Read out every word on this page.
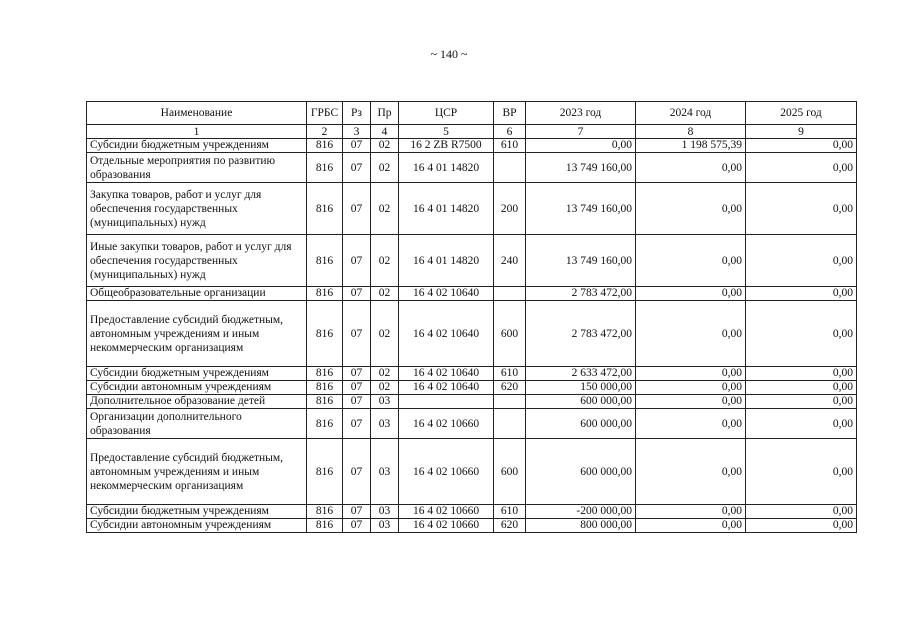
~ 140 ~
Наименование	ГРБС	Рз	Пр	ЦСР	ВР	2023 год	2024 год	2025 год
1	2	3	4	5	6	7	8	9
Субсидии бюджетным учреждениям	816	07	02	16 2 ZB R7500	610	0,00	1 198 575,39	0,00
Отдельные мероприятия по развитию образования	816	07	02	16 4 01 14820		13 749 160,00	0,00	0,00
Закупка товаров, работ и услуг для обеспечения государственных (муниципальных) нужд	816	07	02	16 4 01 14820	200	13 749 160,00	0,00	0,00
Иные закупки товаров, работ и услуг для обеспечения государственных (муниципальных) нужд	816	07	02	16 4 01 14820	240	13 749 160,00	0,00	0,00
Общеобразовательные организации	816	07	02	16 4 02 10640		2 783 472,00	0,00	0,00
Предоставление субсидий бюджетным, автономным учреждениям и иным некоммерческим организациям	816	07	02	16 4 02 10640	600	2 783 472,00	0,00	0,00
Субсидии бюджетным учреждениям	816	07	02	16 4 02 10640	610	2 633 472,00	0,00	0,00
Субсидии автономным учреждениям	816	07	02	16 4 02 10640	620	150 000,00	0,00	0,00
Дополнительное образование детей	816	07	03			600 000,00	0,00	0,00
Организации дополнительного образования	816	07	03	16 4 02 10660		600 000,00	0,00	0,00
Предоставление субсидий бюджетным, автономным учреждениям и иным некоммерческим организациям	816	07	03	16 4 02 10660	600	600 000,00	0,00	0,00
Субсидии бюджетным учреждениям	816	07	03	16 4 02 10660	610	-200 000,00	0,00	0,00
Субсидии автономным учреждениям	816	07	03	16 4 02 10660	620	800 000,00	0,00	0,00
